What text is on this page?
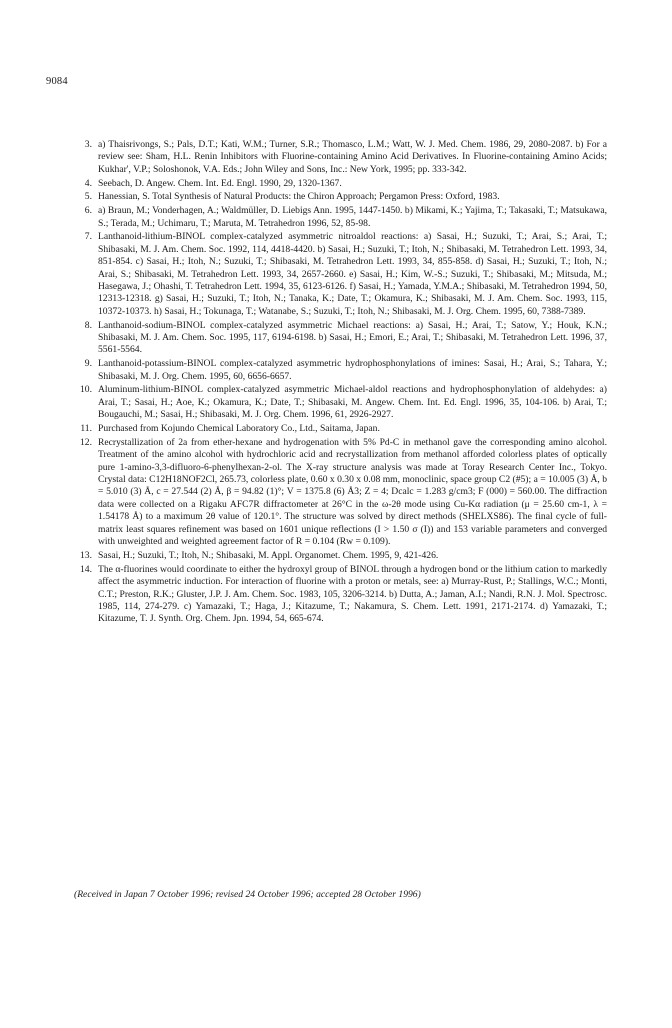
9084
3. a) Thaisrivongs, S.; Pals, D.T.; Kati, W.M.; Turner, S.R.; Thomasco, L.M.; Watt, W. J. Med. Chem. 1986, 29, 2080-2087. b) For a review see: Sham, H.L. Renin Inhibitors with Fluorine-containing Amino Acid Derivatives. In Fluorine-containing Amino Acids; Kukhar', V.P.; Soloshonok, V.A. Eds.; John Wiley and Sons, Inc.: New York, 1995; pp. 333-342.
4. Seebach, D. Angew. Chem. Int. Ed. Engl. 1990, 29, 1320-1367.
5. Hanessian, S. Total Synthesis of Natural Products: the Chiron Approach; Pergamon Press: Oxford, 1983.
6. a) Braun, M.; Vonderhagen, A.; Waldmüller, D. Liebigs Ann. 1995, 1447-1450. b) Mikami, K.; Yajima, T.; Takasaki, T.; Matsukawa, S.; Terada, M.; Uchimaru, T.; Maruta, M. Tetrahedron 1996, 52, 85-98.
7. Lanthanoid-lithium-BINOL complex-catalyzed asymmetric nitroaldol reactions: a) Sasai, H.; Suzuki, T.; Arai, S.; Arai, T.; Shibasaki, M. J. Am. Chem. Soc. 1992, 114, 4418-4420. b) Sasai, H.; Suzuki, T.; Itoh, N.; Shibasaki, M. Tetrahedron Lett. 1993, 34, 851-854. c) Sasai, H.; Itoh, N.; Suzuki, T.; Shibasaki, M. Tetrahedron Lett. 1993, 34, 855-858. d) Sasai, H.; Suzuki, T.; Itoh, N.; Arai, S.; Shibasaki, M. Tetrahedron Lett. 1993, 34, 2657-2660. e) Sasai, H.; Kim, W.-S.; Suzuki, T.; Shibasaki, M.; Mitsuda, M.; Hasegawa, J.; Ohashi, T. Tetrahedron Lett. 1994, 35, 6123-6126. f) Sasai, H.; Yamada, Y.M.A.; Shibasaki, M. Tetrahedron 1994, 50, 12313-12318. g) Sasai, H.; Suzuki, T.; Itoh, N.; Tanaka, K.; Date, T.; Okamura, K.; Shibasaki, M. J. Am. Chem. Soc. 1993, 115, 10372-10373. h) Sasai, H.; Tokunaga, T.; Watanabe, S.; Suzuki, T.; Itoh, N.; Shibasaki, M. J. Org. Chem. 1995, 60, 7388-7389.
8. Lanthanoid-sodium-BINOL complex-catalyzed asymmetric Michael reactions: a) Sasai, H.; Arai, T.; Satow, Y.; Houk, K.N.; Shibasaki, M. J. Am. Chem. Soc. 1995, 117, 6194-6198. b) Sasai, H.; Emori, E.; Arai, T.; Shibasaki, M. Tetrahedron Lett. 1996, 37, 5561-5564.
9. Lanthanoid-potassium-BINOL complex-catalyzed asymmetric hydrophosphonylations of imines: Sasai, H.; Arai, S.; Tahara, Y.; Shibasaki, M. J. Org. Chem. 1995, 60, 6656-6657.
10. Aluminum-lithium-BINOL complex-catalyzed asymmetric Michael-aldol reactions and hydrophosphonylation of aldehydes: a) Arai, T.; Sasai, H.; Aoe, K.; Okamura, K.; Date, T.; Shibasaki, M. Angew. Chem. Int. Ed. Engl. 1996, 35, 104-106. b) Arai, T.; Bougauchi, M.; Sasai, H.; Shibasaki, M. J. Org. Chem. 1996, 61, 2926-2927.
11. Purchased from Kojundo Chemical Laboratory Co., Ltd., Saitama, Japan.
12. Recrystallization of 2a from ether-hexane and hydrogenation with 5% Pd-C in methanol gave the corresponding amino alcohol. Treatment of the amino alcohol with hydrochloric acid and recrystallization from methanol afforded colorless plates of optically pure 1-amino-3,3-difluoro-6-phenylhexan-2-ol. The X-ray structure analysis was made at Toray Research Center Inc., Tokyo. Crystal data: C12H18NOF2Cl, 265.73, colorless plate, 0.60 x 0.30 x 0.08 mm, monoclinic, space group C2 (#5); a = 10.005 (3) Å, b = 5.010 (3) Å, c = 27.544 (2) Å, β = 94.82 (1)°; V = 1375.8 (6) Å3; Z = 4; Dcalc = 1.283 g/cm3; F (000) = 560.00. The diffraction data were collected on a Rigaku AFC7R diffractometer at 26°C in the ω-2θ mode using Cu-Kα radiation (μ = 25.60 cm-1, λ = 1.54178 Å) to a maximum 2θ value of 120.1°. The structure was solved by direct methods (SHELXS86). The final cycle of full-matrix least squares refinement was based on 1601 unique reflections (I > 1.50 σ (I)) and 153 variable parameters and converged with unweighted and weighted agreement factor of R = 0.104 (Rw = 0.109).
13. Sasai, H.; Suzuki, T.; Itoh, N.; Shibasaki, M. Appl. Organomet. Chem. 1995, 9, 421-426.
14. The α-fluorines would coordinate to either the hydroxyl group of BINOL through a hydrogen bond or the lithium cation to markedly affect the asymmetric induction. For interaction of fluorine with a proton or metals, see: a) Murray-Rust, P.; Stallings, W.C.; Monti, C.T.; Preston, R.K.; Gluster, J.P. J. Am. Chem. Soc. 1983, 105, 3206-3214. b) Dutta, A.; Jaman, A.I.; Nandi, R.N. J. Mol. Spectrosc. 1985, 114, 274-279. c) Yamazaki, T.; Haga, J.; Kitazume, T.; Nakamura, S. Chem. Lett. 1991, 2171-2174. d) Yamazaki, T.; Kitazume, T. J. Synth. Org. Chem. Jpn. 1994, 54, 665-674.
(Received in Japan 7 October 1996; revised 24 October 1996; accepted 28 October 1996)
